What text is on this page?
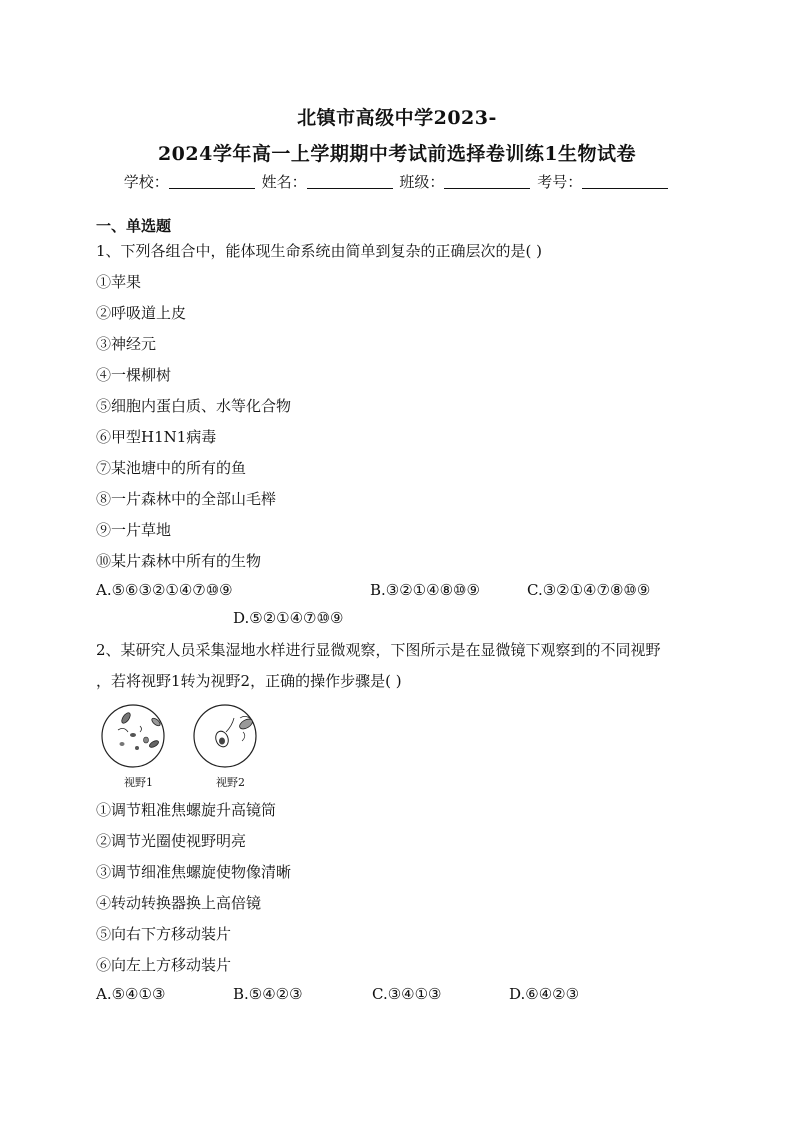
北镇市高级中学2023-
2024学年高一上学期期中考试前选择卷训练1生物试卷
学校：	姓名：	班级：	考号：
一、单选题
1、下列各组合中，能体现生命系统由简单到复杂的正确层次的是( )
①苹果
②呼吸道上皮
③神经元
④一棵柳树
⑤细胞内蛋白质、水等化合物
⑥甲型H1N1病毒
⑦某池塘中的所有的鱼
⑧一片森林中的全部山毛榉
⑨一片草地
⑩某片森林中所有的生物
A.⑤⑥③②①④⑦⑩⑨	B.③②①④⑧⑩⑨	C.③②①④⑦⑧⑩⑨
D.⑤②①④⑦⑩⑨
2、某研究人员采集湿地水样进行显微观察，下图所示是在显微镜下观察到的不同视野
，若将视野1转为视野2，正确的操作步骤是( )
视野1	视野2
①调节粗准焦螺旋升高镜筒
②调节光圈使视野明亮
③调节细准焦螺旋使物像清晰
④转动转换器换上高倍镜
⑤向右下方移动装片
⑥向左上方移动装片
A.⑤④①③	B.⑤④②③	C.③④①③	D.⑥④②③
